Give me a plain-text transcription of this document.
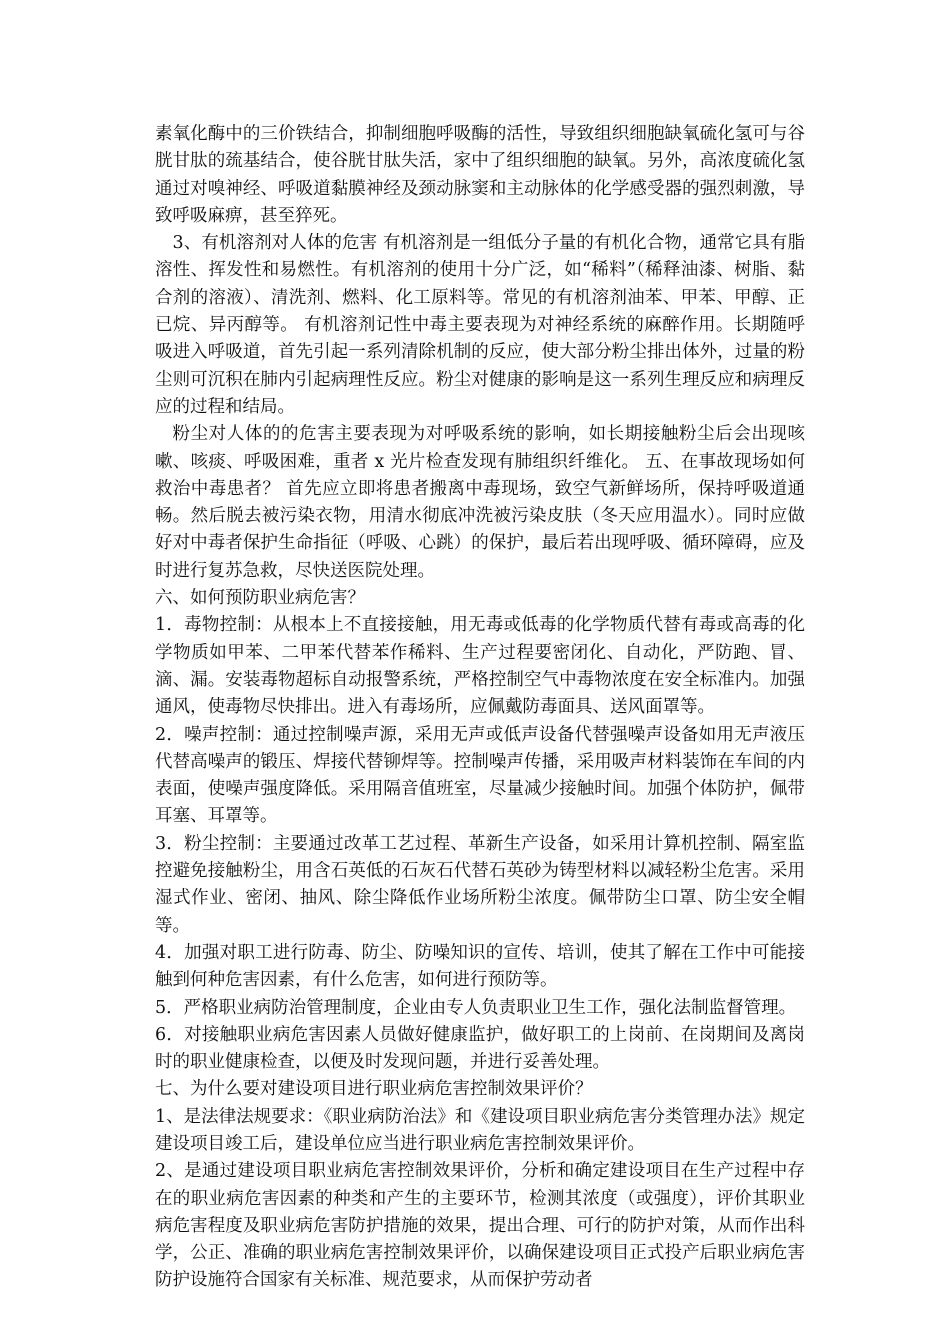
素氧化酶中的三价铁结合，抑制细胞呼吸酶的活性，导致组织细胞缺氧硫化氢可与谷胱甘肽的巯基结合，使谷胱甘肽失活，家中了组织细胞的缺氧。另外，高浓度硫化氢通过对嗅神经、呼吸道黏膜神经及颈动脉窦和主动脉体的化学感受器的强烈刺激，导致呼吸麻痹，甚至猝死。

3、有机溶剂对人体的危害 有机溶剂是一组低分子量的有机化合物，通常它具有脂溶性、挥发性和易燃性。有机溶剂的使用十分广泛，如“稀料”（稀释油漆、树脂、黏合剂的溶液）、清洗剂、燃料、化工原料等。常见的有机溶剂油苯、甲苯、甲醇、正已烷、异丙醇等。 有机溶剂记性中毒主要表现为对神经系统的麻醉作用。长期随呼吸进入呼吸道，首先引起一系列清除机制的反应，使大部分粉尘排出体外，过量的粉尘则可沉积在肺内引起病理性反应。粉尘对健康的影响是这一系列生理反应和病理反应的过程和结局。

粉尘对人体的的危害主要表现为对呼吸系统的影响，如长期接触粉尘后会出现咳嗽、咳痰、呼吸困难，重者 x 光片检查发现有肺组织纤维化。 五、在事故现场如何救治中毒患者？ 首先应立即将患者搬离中毒现场，致空气新鲜场所，保持呼吸道通畅。然后脱去被污染衣物，用清水彻底冲洗被污染皮肤（冬天应用温水）。同时应做好对中毒者保护生命指征（呼吸、心跳）的保护，最后若出现呼吸、循环障碍，应及时进行复苏急救，尽快送医院处理。

六、如何预防职业病危害？

1．毒物控制：从根本上不直接接触，用无毒或低毒的化学物质代替有毒或高毒的化学物质如甲苯、二甲苯代替苯作稀料、生产过程要密闭化、自动化，严防跑、冒、滴、漏。安装毒物超标自动报警系统，严格控制空气中毒物浓度在安全标准内。加强通风，使毒物尽快排出。进入有毒场所，应佩戴防毒面具、送风面罩等。

2．噪声控制：通过控制噪声源，采用无声或低声设备代替强噪声设备如用无声液压代替高噪声的锻压、焊接代替铆焊等。控制噪声传播，采用吸声材料装饰在车间的内表面，使噪声强度降低。采用隔音值班室，尽量减少接触时间。加强个体防护，佩带耳塞、耳罩等。

3．粉尘控制：主要通过改革工艺过程、革新生产设备，如采用计算机控制、隔室监控避免接触粉尘，用含石英低的石灰石代替石英砂为铸型材料以减轻粉尘危害。采用湿式作业、密闭、抽风、除尘降低作业场所粉尘浓度。佩带防尘口罩、防尘安全帽等。

4．加强对职工进行防毒、防尘、防噪知识的宣传、培训，使其了解在工作中可能接触到何种危害因素，有什么危害，如何进行预防等。

5．严格职业病防治管理制度，企业由专人负责职业卫生工作，强化法制监督管理。

6．对接触职业病危害因素人员做好健康监护，做好职工的上岗前、在岗期间及离岗时的职业健康检查，以便及时发现问题，并进行妥善处理。

七、为什么要对建设项目进行职业病危害控制效果评价？

1、是法律法规要求：《职业病防治法》和《建设项目职业病危害分类管理办法》规定建设项目竣工后，建设单位应当进行职业病危害控制效果评价。

2、是通过建设项目职业病危害控制效果评价，分析和确定建设项目在生产过程中存在的职业病危害因素的种类和产生的主要环节，检测其浓度（或强度），评价其职业病危害程度及职业病危害防护措施的效果，提出合理、可行的防护对策，从而作出科学，公正、准确的职业病危害控制效果评价，以确保建设项目正式投产后职业病危害防护设施符合国家有关标准、规范要求，从而保护劳动者
